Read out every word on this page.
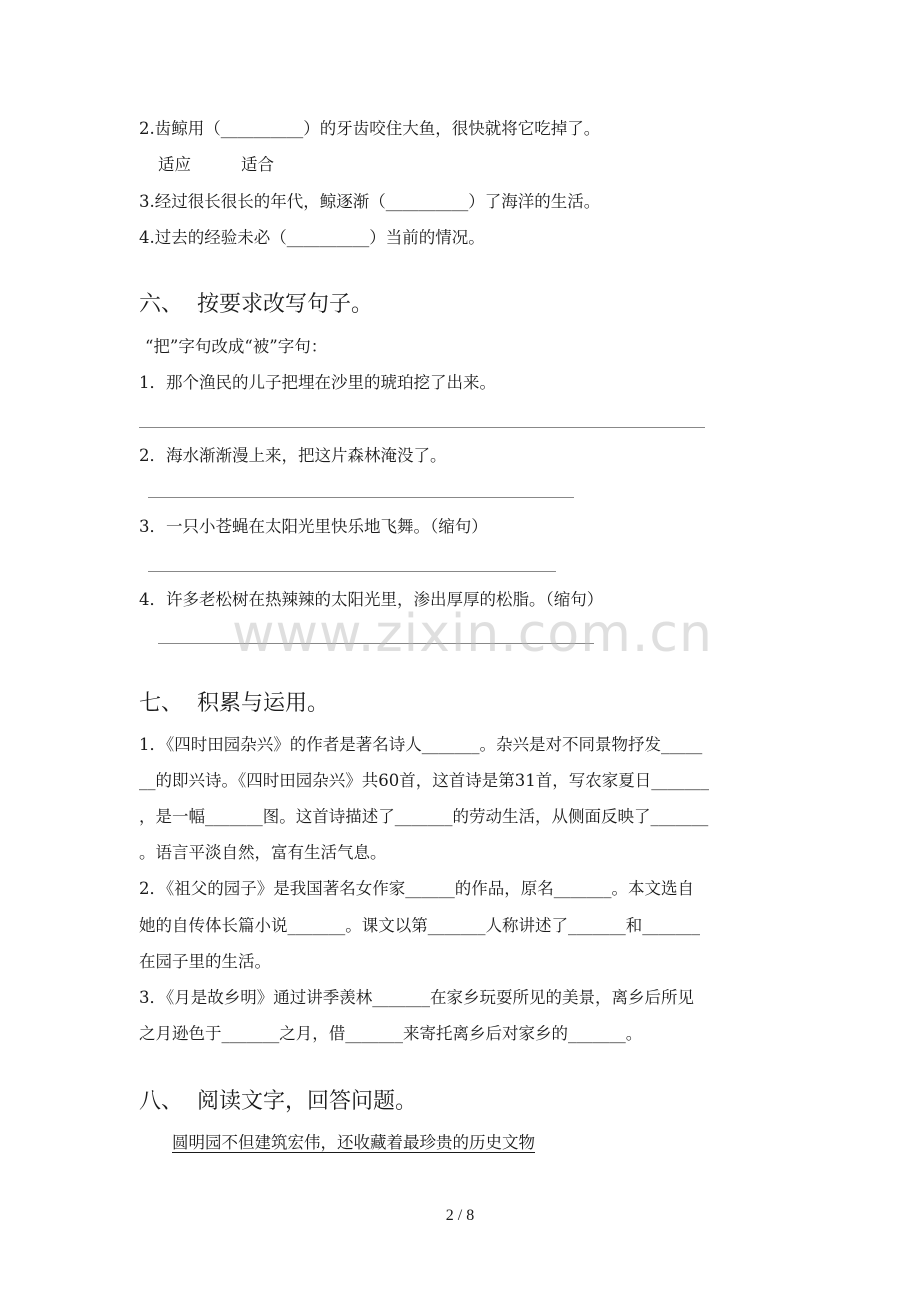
2.齿鲸用（__________）的牙齿咬住大鱼，很快就将它吃掉了。
适应	适合
3.经过很长很长的年代，鲸逐渐（__________）了海洋的生活。
4.过去的经验未必（__________）当前的情况。
六、  按要求改写句子。
“把”字句改成“被”字句：
1．那个渔民的儿子把埋在沙里的琥珀挖了出来。
2．海水渐渐漫上来，把这片森林淹没了。
3．一只小苍蝇在太阳光里快乐地飞舞。（缩句）
4．许多老松树在热辣辣的太阳光里，渗出厚厚的松脂。（缩句）
www.zixin.com.cn
七、  积累与运用。
1．《四时田园杂兴》的作者是著名诗人_______。杂兴是对不同景物抒发_____
__的即兴诗。《四时田园杂兴》共60首，这首诗是第31首，写农家夏日_______
，是一幅_______图。这首诗描述了_______的劳动生活，从侧面反映了_______
。语言平淡自然，富有生活气息。
2．《祖父的园子》是我国著名女作家______的作品，原名_______。本文选自
她的自传体长篇小说_______。课文以第_______人称讲述了_______和_______
在园子里的生活。
3．《月是故乡明》通过讲季羡林_______在家乡玩耍所见的美景，离乡后所见
之月逊色于_______之月，借_______来寄托离乡后对家乡的_______。
八、  阅读文字，回答问题。
圆明园不但建筑宏伟，还收藏着最珍贵的历史文物
2 / 8
